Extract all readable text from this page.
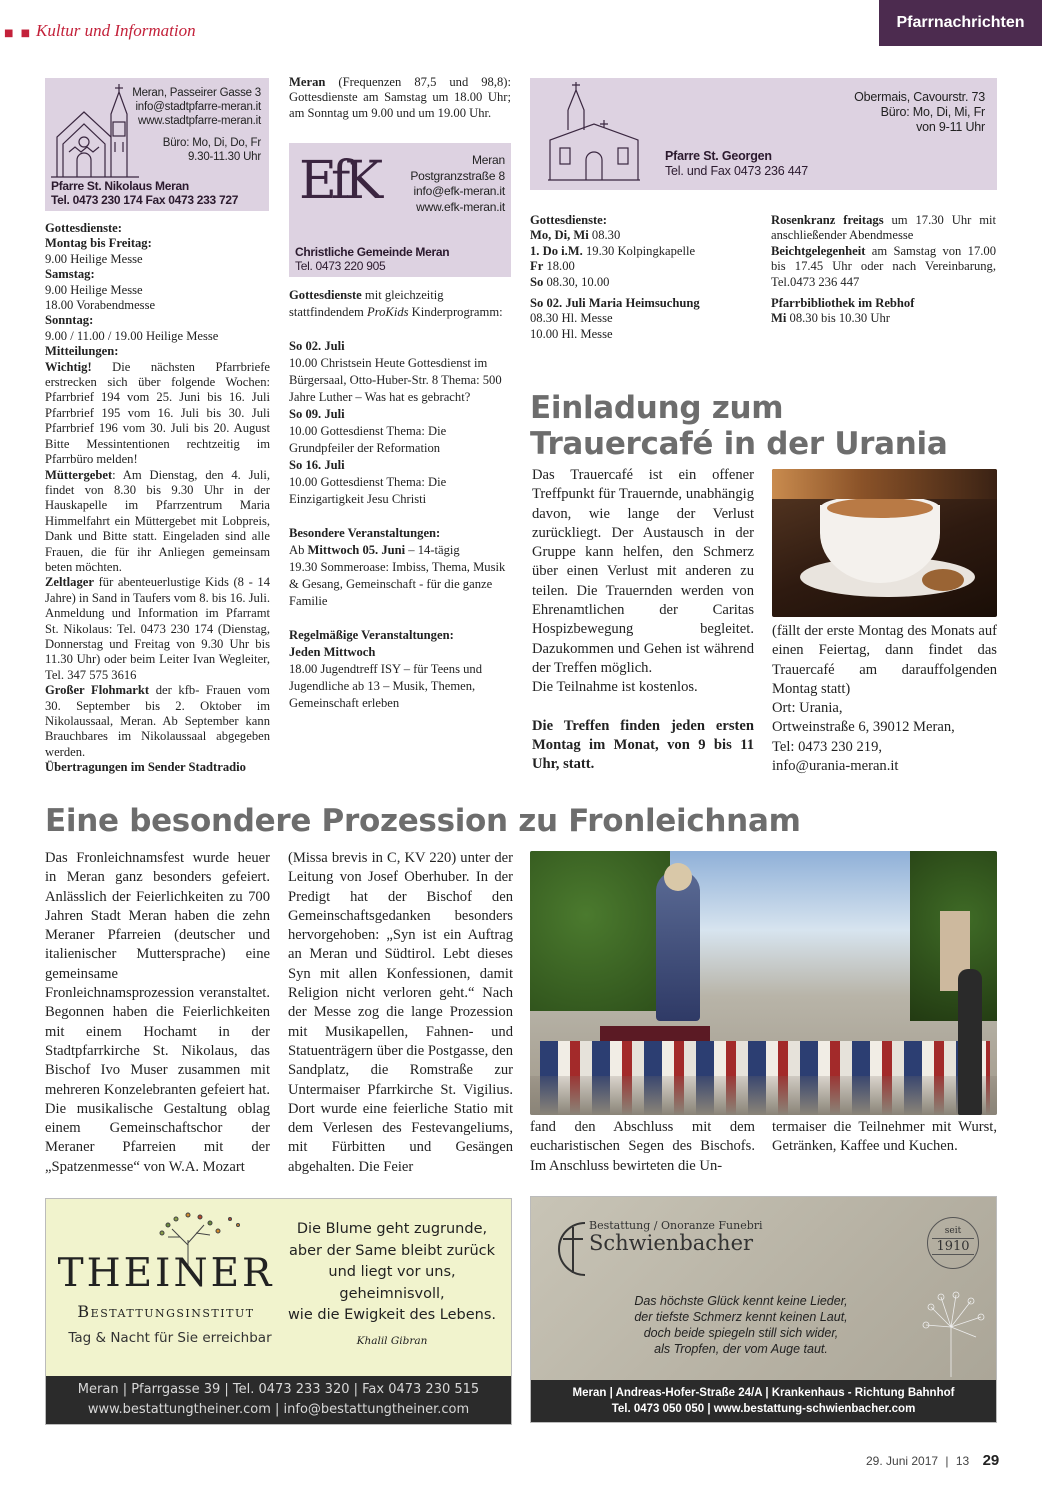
■ ■ Kultur und Information	Pfarrnachrichten
Meran, Passeirer Gasse 3
info@stadtpfarre-meran.it
www.stadtpfarre-meran.it
Büro: Mo, Di, Do, Fr
9.30-11.30 Uhr
Pfarre St. Nikolaus Meran
Tel. 0473 230 174 Fax 0473 233 727
Gottesdienste:
Montag bis Freitag:
9.00 Heilige Messe
Samstag:
9.00 Heilige Messe
18.00 Vorabendmesse
Sonntag:
9.00 / 11.00 / 19.00 Heilige Messe
Mitteilungen:
Wichtig! Die nächsten Pfarrbriefe erstrecken sich über folgende Wochen: Pfarrbrief 194 vom 25. Juni bis 16. Juli Pfarrbrief 195 vom 16. Juli bis 30. Juli Pfarrbrief 196 vom 30. Juli bis 20. August Bitte Messintentionen rechtzeitig im Pfarrbüro melden!
Müttergebet: Am Dienstag, den 4. Juli, findet von 8.30 bis 9.30 Uhr in der Hauskapelle im Pfarrzentrum Maria Himmelfahrt ein Müttergebet mit Lobpreis, Dank und Bitte statt. Eingeladen sind alle Frauen, die für ihr Anliegen gemeinsam beten möchten.
Zeltlager für abenteuerlustige Kids (8 - 14 Jahre) in Sand in Taufers vom 8. bis 16. Juli. Anmeldung und Information im Pfarramt St. Nikolaus: Tel. 0473 230 174 (Dienstag, Donnerstag und Freitag von 9.30 Uhr bis 11.30 Uhr) oder beim Leiter Ivan Wegleiter, Tel. 347 575 3616
Großer Flohmarkt der kfb- Frauen vom 30. September bis 2. Oktober im Nikolaussaal, Meran. Ab September kann Brauchbares im Nikolaussaal abgegeben werden.
Übertragungen im Sender Stadtradio
Meran (Frequenzen 87,5 und 98,8): Gottesdienste am Samstag um 18.00 Uhr; am Sonntag um 9.00 und um 19.00 Uhr.
EfK	Meran
Postgranzstraße 8
info@efk-meran.it
www.efk-meran.it
Christliche Gemeinde Meran
Tel. 0473 220 905
Gottesdienste mit gleichzeitig stattfindendem ProKids Kinderprogramm:
So 02. Juli
10.00 Christsein Heute Gottesdienst im Bürgersaal, Otto-Huber-Str. 8 Thema: 500 Jahre Luther – Was hat es gebracht?
So 09. Juli
10.00 Gottesdienst Thema: Die Grundpfeiler der Reformation
So 16. Juli
10.00 Gottesdienst Thema: Die Einzigartigkeit Jesu Christi
Besondere Veranstaltungen:
Ab Mittwoch 05. Juni – 14-tägig
19.30 Sommeroase: Imbiss, Thema, Musik & Gesang, Gemeinschaft - für die ganze Familie
Regelmäßige Veranstaltungen:
Jeden Mittwoch
18.00 Jugendtreff ISY – für Teens und Jugendliche ab 13 – Musik, Themen, Gemeinschaft erleben
Obermais, Cavourstr. 73
Büro: Mo, Di, Mi, Fr
von 9-11 Uhr
Pfarre St. Georgen
Tel. und Fax 0473 236 447
Gottesdienste:
Mo, Di, Mi 08.30
1. Do i.M. 19.30 Kolpingkapelle
Fr 18.00
So 08.30, 10.00
So 02. Juli Maria Heimsuchung
08.30 Hl. Messe
10.00 Hl. Messe
Rosenkranz freitags um 17.30 Uhr mit anschließender Abendmesse
Beichtgelegenheit am Samstag von 17.00 bis 17.45 Uhr oder nach Vereinbarung, Tel.0473 236 447
Pfarrbibliothek im Rebhof
Mi 08.30 bis 10.30 Uhr
Einladung zum
Trauercafé in der Urania
Das Trauercafé ist ein offener Treffpunkt für Trauernde, unabhängig davon, wie lange der Verlust zurückliegt. Der Austausch in der Gruppe kann helfen, den Schmerz über einen Verlust mit anderen zu teilen. Die Trauernden werden von Ehrenamtlichen der Caritas Hospizbewegung begleitet. Dazukommen und Gehen ist während der Treffen möglich.
Die Teilnahme ist kostenlos.
Die Treffen finden jeden ersten Montag im Monat, von 9 bis 11 Uhr, statt.
(fällt der erste Montag des Monats auf einen Feiertag, dann findet das Trauercafé am darauffolgenden Montag statt)
Ort: Urania,
Ortweinstraße 6, 39012 Meran,
Tel: 0473 230 219,
info@urania-meran.it
Eine besondere Prozession zu Fronleichnam
Das Fronleichnamsfest wurde heuer in Meran ganz besonders gefeiert. Anlässlich der Feierlichkeiten zu 700 Jahren Stadt Meran haben die zehn Meraner Pfarreien (deutscher und italienischer Muttersprache) eine gemeinsame Fronleichnamsprozession veranstaltet. Begonnen haben die Feierlichkeiten mit einem Hochamt in der Stadtpfarrkirche St. Nikolaus, das Bischof Ivo Muser zusammen mit mehreren Konzelebranten gefeiert hat. Die musikalische Gestaltung oblag einem Gemeinschaftschor der Meraner Pfarreien mit der „Spatzenmesse“ von W.A. Mozart
(Missa brevis in C, KV 220) unter der Leitung von Josef Oberhuber. In der Predigt hat der Bischof den Gemeinschaftsgedanken besonders hervorgehoben: „Syn ist ein Auftrag an Meran und Südtirol. Lebt dieses Syn mit allen Konfessionen, damit Religion nicht verloren geht.“ Nach der Messe zog die lange Prozession mit Musikapellen, Fahnen- und Statuenträgern über die Postgasse, den Sandplatz, die Romstraße zur Untermaiser Pfarrkirche St. Vigilius. Dort wurde eine feierliche Statio mit dem Verlesen des Festevangeliums, mit Fürbitten und Gesängen abgehalten. Die Feier
fand den Abschluss mit dem eucharistischen Segen des Bischofs. Im Anschluss bewirteten die Un-
termaiser die Teilnehmer mit Wurst, Getränken, Kaffee und Kuchen.
THEINER
Bestattungsinstitut
Tag & Nacht für Sie erreichbar
Die Blume geht zugrunde,
aber der Same bleibt zurück
und liegt vor uns,
geheimnisvoll,
wie die Ewigkeit des Lebens.
Khalil Gibran
Meran | Pfarrgasse 39 | Tel. 0473 233 320 | Fax 0473 230 515
www.bestattungtheiner.com | info@bestattungtheiner.com
Bestattung / Onoranze Funebri
Schwienbacher	seit
1910
Das höchste Glück kennt keine Lieder,
der tiefste Schmerz kennt keinen Laut,
doch beide spiegeln still sich wider,
als Tropfen, der vom Auge taut.
Meran | Andreas-Hofer-Straße 24/A | Krankenhaus - Richtung Bahnhof
Tel. 0473 050 050 | www.bestattung-schwienbacher.com
29. Juni 2017 | 13 29
